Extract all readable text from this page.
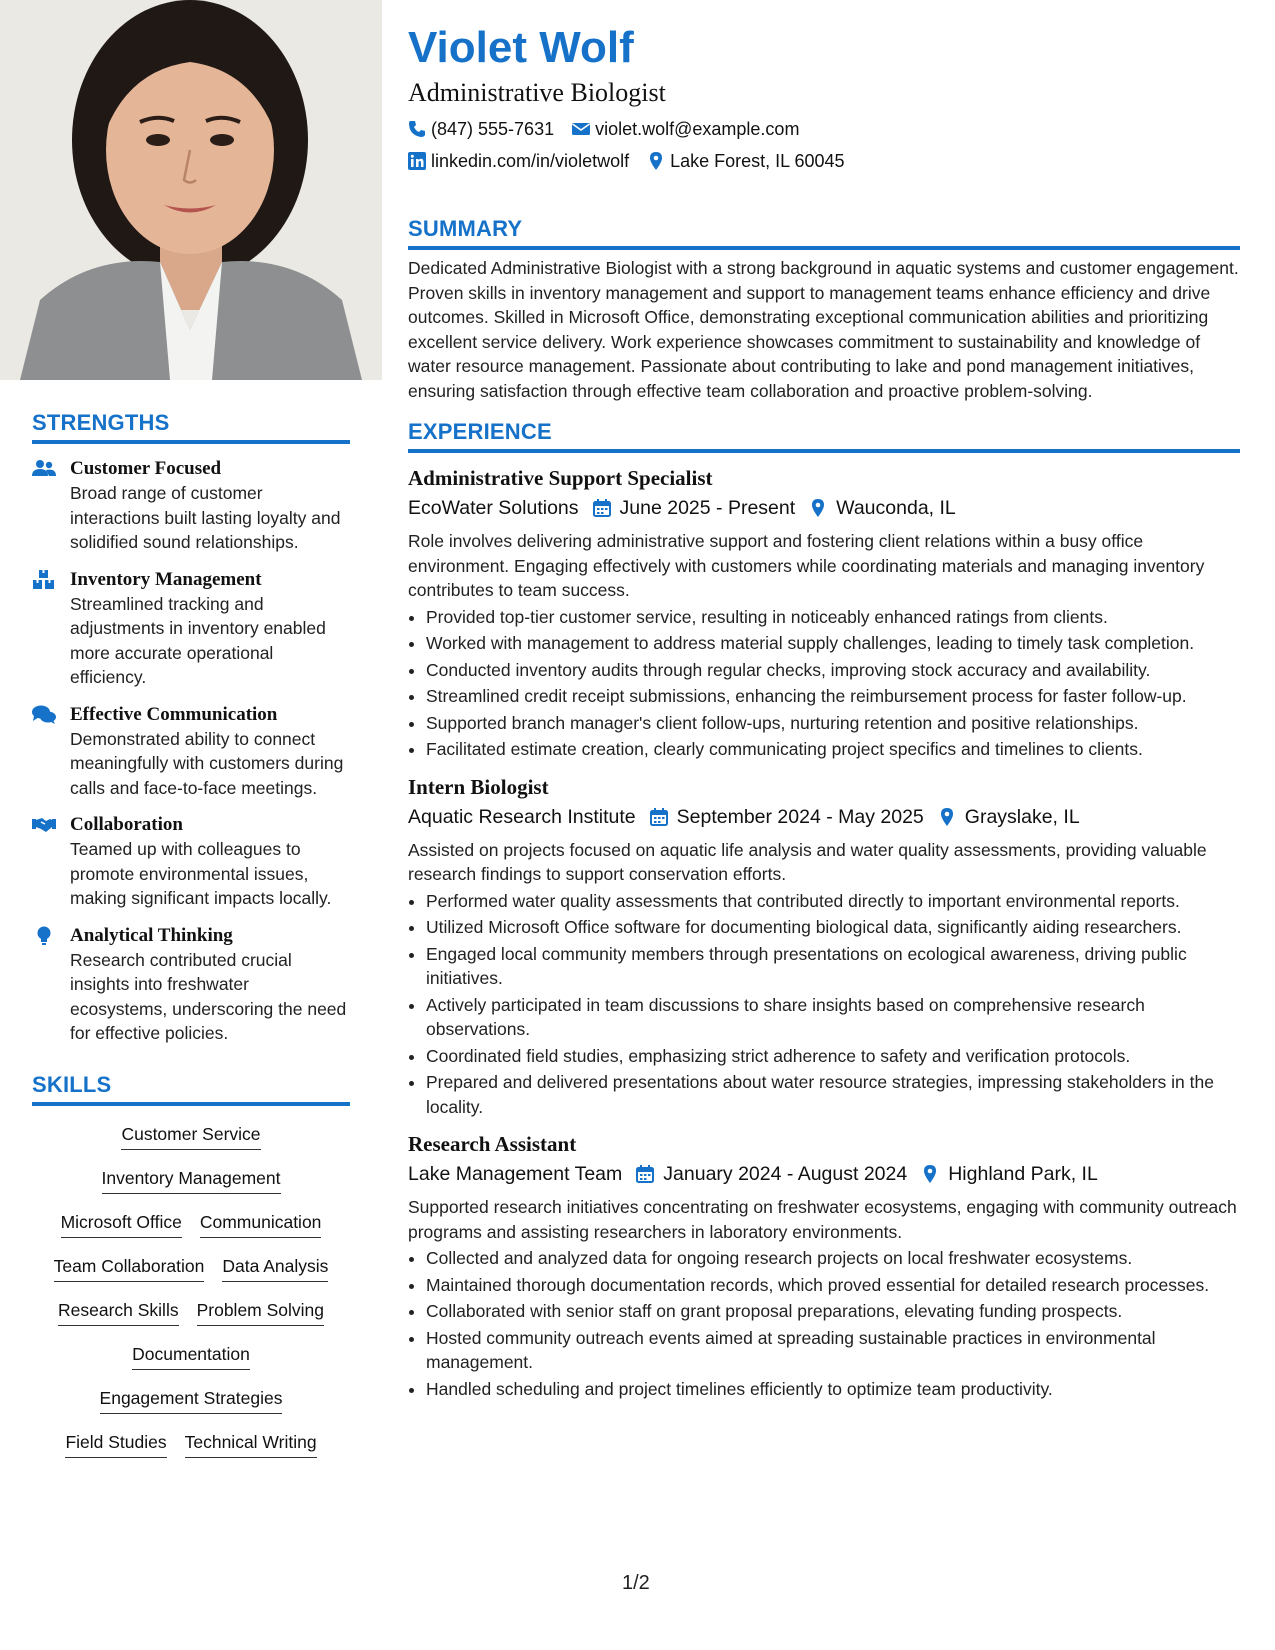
STRENGTHS
Customer Focused
Broad range of customer interactions built lasting loyalty and solidified sound relationships.
Inventory Management
Streamlined tracking and adjustments in inventory enabled more accurate operational efficiency.
Effective Communication
Demonstrated ability to connect meaningfully with customers during calls and face-to-face meetings.
Collaboration
Teamed up with colleagues to promote environmental issues, making significant impacts locally.
Analytical Thinking
Research contributed crucial insights into freshwater ecosystems, underscoring the need for effective policies.
SKILLS
Customer Service
Inventory Management
Microsoft Office Communication
Team Collaboration Data Analysis
Research Skills Problem Solving
Documentation
Engagement Strategies
Field Studies Technical Writing
Violet Wolf
Administrative Biologist
(847) 555-7631 violet.wolf@example.com
linkedin.com/in/violetwolf Lake Forest, IL 60045
SUMMARY
Dedicated Administrative Biologist with a strong background in aquatic systems and customer engagement. Proven skills in inventory management and support to management teams enhance efficiency and drive outcomes. Skilled in Microsoft Office, demonstrating exceptional communication abilities and prioritizing excellent service delivery. Work experience showcases commitment to sustainability and knowledge of water resource management. Passionate about contributing to lake and pond management initiatives, ensuring satisfaction through effective team collaboration and proactive problem-solving.
EXPERIENCE
Administrative Support Specialist
EcoWater Solutions June 2025 - Present Wauconda, IL
Role involves delivering administrative support and fostering client relations within a busy office environment. Engaging effectively with customers while coordinating materials and managing inventory contributes to team success.
• Provided top-tier customer service, resulting in noticeably enhanced ratings from clients.
• Worked with management to address material supply challenges, leading to timely task completion.
• Conducted inventory audits through regular checks, improving stock accuracy and availability.
• Streamlined credit receipt submissions, enhancing the reimbursement process for faster follow-up.
• Supported branch manager's client follow-ups, nurturing retention and positive relationships.
• Facilitated estimate creation, clearly communicating project specifics and timelines to clients.
Intern Biologist
Aquatic Research Institute September 2024 - May 2025 Grayslake, IL
Assisted on projects focused on aquatic life analysis and water quality assessments, providing valuable research findings to support conservation efforts.
• Performed water quality assessments that contributed directly to important environmental reports.
• Utilized Microsoft Office software for documenting biological data, significantly aiding researchers.
• Engaged local community members through presentations on ecological awareness, driving public initiatives.
• Actively participated in team discussions to share insights based on comprehensive research observations.
• Coordinated field studies, emphasizing strict adherence to safety and verification protocols.
• Prepared and delivered presentations about water resource strategies, impressing stakeholders in the locality.
Research Assistant
Lake Management Team January 2024 - August 2024 Highland Park, IL
Supported research initiatives concentrating on freshwater ecosystems, engaging with community outreach programs and assisting researchers in laboratory environments.
• Collected and analyzed data for ongoing research projects on local freshwater ecosystems.
• Maintained thorough documentation records, which proved essential for detailed research processes.
• Collaborated with senior staff on grant proposal preparations, elevating funding prospects.
• Hosted community outreach events aimed at spreading sustainable practices in environmental management.
• Handled scheduling and project timelines efficiently to optimize team productivity.
1/2
